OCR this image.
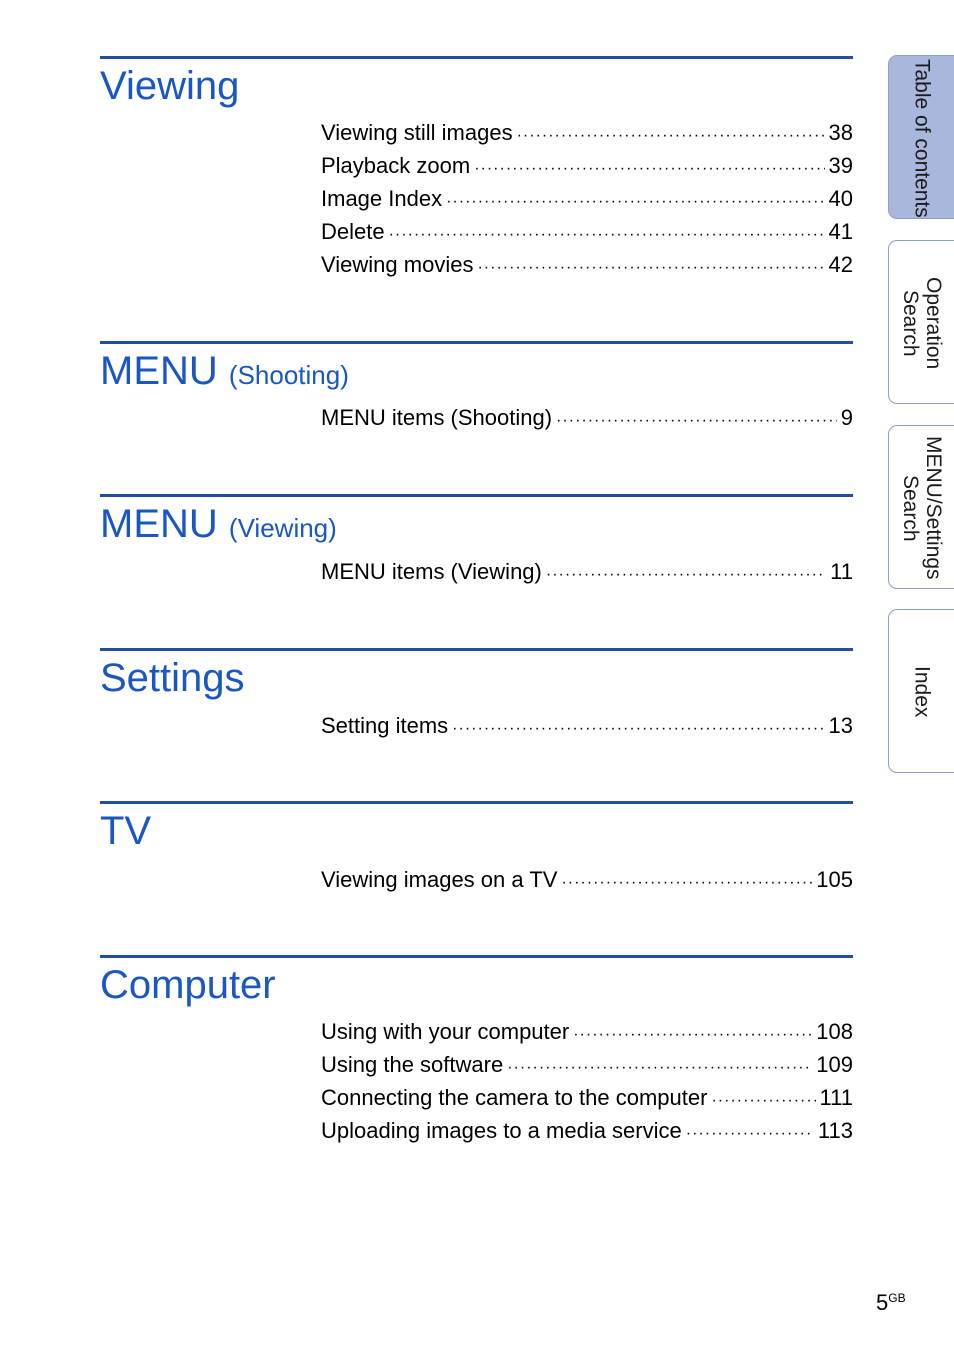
Viewing
Viewing still images ·····	38
Playback zoom ·····	39
Image Index ·····	40
Delete ·····	41
Viewing movies ·····	42
MENU (Shooting)
MENU items (Shooting) ·····	9
MENU (Viewing)
MENU items (Viewing) ·····	11
Settings
Setting items ·····	13
TV
Viewing images on a TV ·····	105
Computer
Using with your computer ·····	108
Using the software ·····	109
Connecting the camera to the computer ·····	111
Uploading images to a media service ·····	113
Table of contents
Operation Search
MENU/Settings Search
Index
$5^{GB}$
